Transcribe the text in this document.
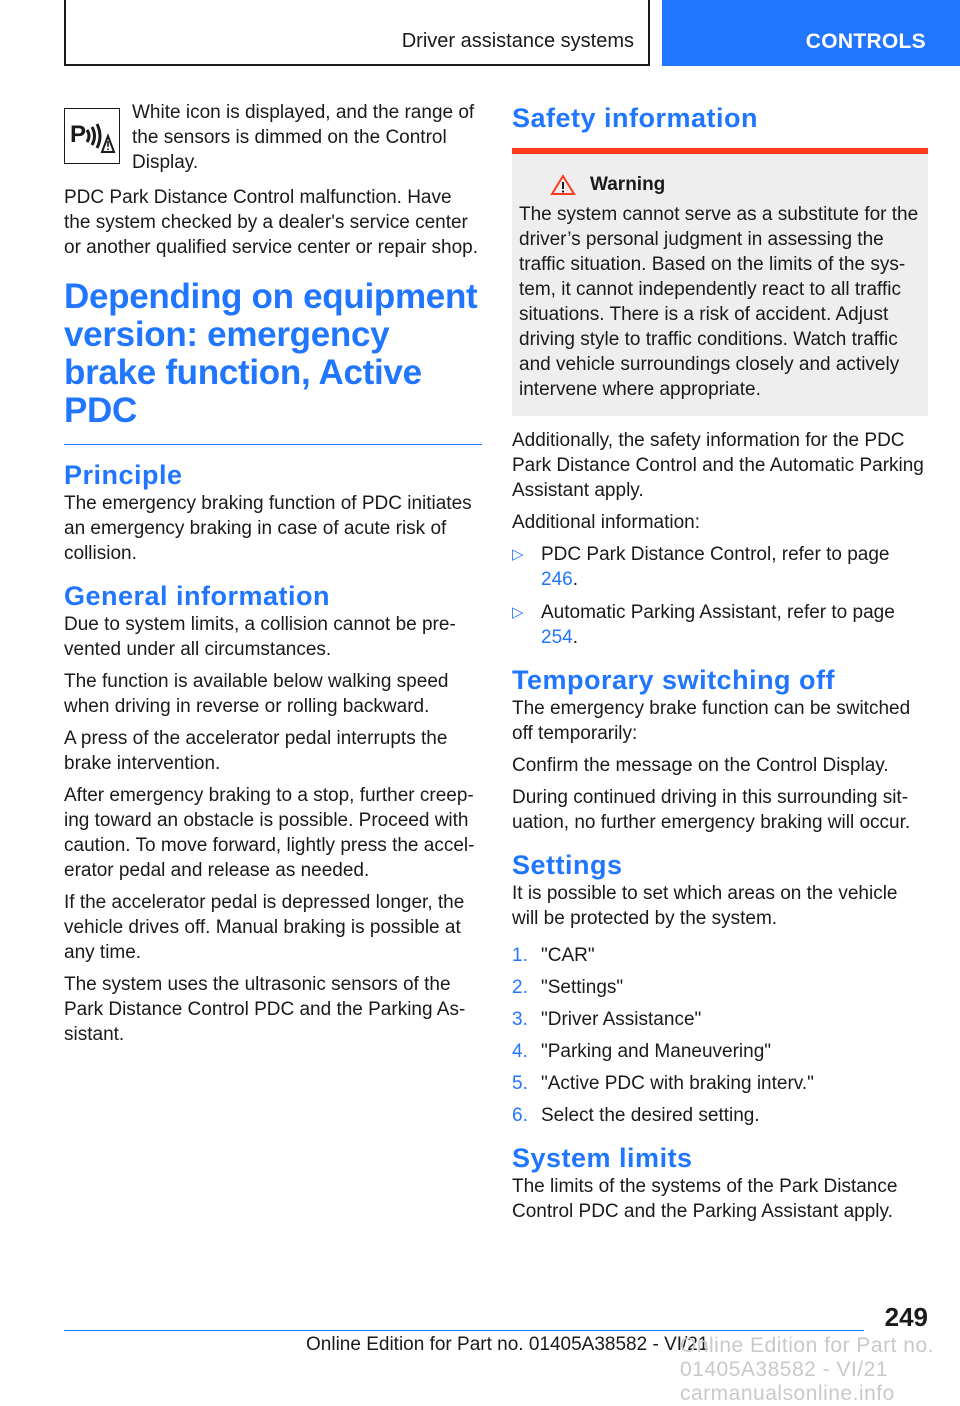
Driver assistance systems	CONTROLS
P

White icon is displayed, and the range of the sensors is dimmed on the Control Display.

PDC Park Distance Control malfunction. Have the system checked by a dealer's service center or another qualified service center or repair shop.

Depending on equipment version: emergency brake function, Active PDC
Principle

The emergency braking function of PDC initiates an emergency braking in case of acute risk of collision.

General information

Due to system limits, a collision cannot be pre-vented under all circumstances.

The function is available below walking speed when driving in reverse or rolling backward.

A press of the accelerator pedal interrupts the brake intervention.

After emergency braking to a stop, further creep-ing toward an obstacle is possible. Proceed with caution. To move forward, lightly press the accel-erator pedal and release as needed.

If the accelerator pedal is depressed longer, the vehicle drives off. Manual braking is possible at any time.

The system uses the ultrasonic sensors of the Park Distance Control PDC and the Parking As-sistant.

Safety information
Warning

The system cannot serve as a substitute for the driver’s personal judgment in assessing the traffic situation. Based on the limits of the sys-tem, it cannot independently react to all traffic situations. There is a risk of accident. Adjust driving style to traffic conditions. Watch traffic and vehicle surroundings closely and actively intervene where appropriate.

Additionally, the safety information for the PDC Park Distance Control and the Automatic Parking Assistant apply.

Additional information:

▷ PDC Park Distance Control, refer to page 246.
▷ Automatic Parking Assistant, refer to page 254.
Temporary switching off

The emergency brake function can be switched off temporarily:

Confirm the message on the Control Display.

During continued driving in this surrounding sit-uation, no further emergency braking will occur.

Settings

It is possible to set which areas on the vehicle will be protected by the system.

1. "CAR"
2. "Settings"
3. "Driver Assistance"
4. "Parking and Maneuvering"
5. "Active PDC with braking interv."
6. Select the desired setting.
System limits

The limits of the systems of the Park Distance Control PDC and the Parking Assistant apply.

249
Online Edition for Part no. 01405A38582 - VI/21
Online Edition for Part no. 01405A38582 - VI/21 carmanualsonline.info
